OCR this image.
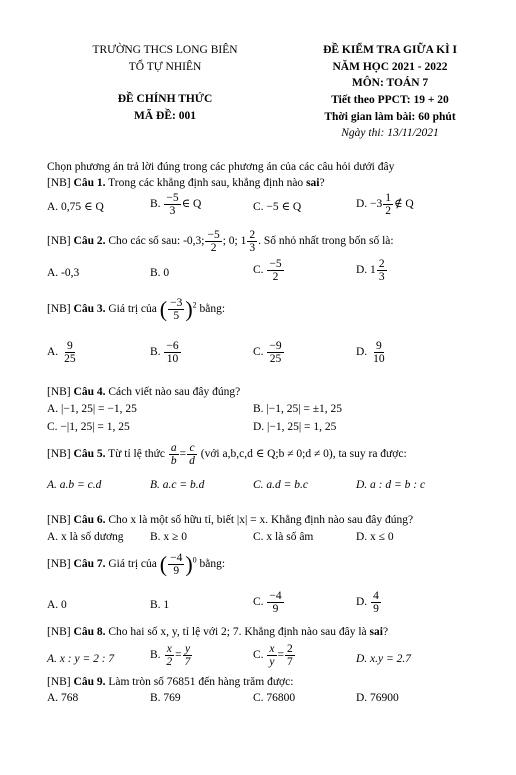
TRƯỜNG THCS LONG BIÊN
TỔ TỰ NHIÊN
ĐỀ CHÍNH THỨC
MÃ ĐỀ: 001
ĐỀ KIỂM TRA GIỮA KÌ I
NĂM HỌC 2021 - 2022
MÔN: TOÁN 7
Tiết theo PPCT: 19 + 20
Thời gian làm bài: 60 phút
Ngày thi: 13/11/2021
Chọn phương án trả lời đúng trong các phương án của các câu hỏi dưới đây
[NB] Câu 1. Trong các khẳng định sau, khẳng định nào sai?
A. 0,75 ∈ Q	B. $\frac{-5}{3}$ ∈ Q	C. −5 ∈ Q	D. $-3 \frac{1}{2}$ ∉ Q
[NB] Câu 2. Cho các số sau: -0,3; $\frac{-5}{2}$ ; 0; $1 \frac{2}{3}$ . Số nhỏ nhất trong bốn số là:
A. -0,3	B. 0	C. $\frac{-5}{2}$	D. $1 \frac{2}{3}$
[NB] Câu 3. Giá trị của ( $\frac{-3}{5} )^2$ bằng:
A. $\frac{9}{25}$	B. $\frac{-6}{10}$	C. $\frac{-9}{25}$	D. $\frac{9}{10}$
[NB] Câu 4. Cách viết nào sau đây đúng?
A. |−1, 25| = −1, 25	B. |−1, 25| = ±1, 25
C. −|1, 25| = 1, 25	D. |−1, 25| = 1, 25
[NB] Câu 5. Từ tỉ lệ thức $\frac{a}{b} = \frac{c}{d}$ (với a,b,c,d ∈ Q;b ≠ 0;d ≠ 0), ta suy ra được:
A. a.b = c.d	B. a.c = b.d	C. a.d = b.c	D. a : d = b : c
[NB] Câu 6. Cho x là một số hữu tỉ, biết |x| = x. Khẳng định nào sau đây đúng?
A. x là số dương B. x ≥ 0	C. x là số âm	D. x ≤ 0
[NB] Câu 7. Giá trị của ( $\frac{-4}{9} )^0$ bằng:
A. 0	B. 1	C. $\frac{-4}{9}$	D. $\frac{4}{9}$
[NB] Câu 8. Cho hai số x, y, tỉ lệ với 2; 7. Khẳng định nào sau đây là sai?
A. x : y = 2 : 7	B. $\frac{x}{2} = \frac{y}{7}$	C. $\frac{x}{y} = \frac{2}{7}$	D. x.y = 2.7
[NB] Câu 9. Làm tròn số 76851 đến hàng trăm được:
A. 768	B. 769	C. 76800	D. 76900
